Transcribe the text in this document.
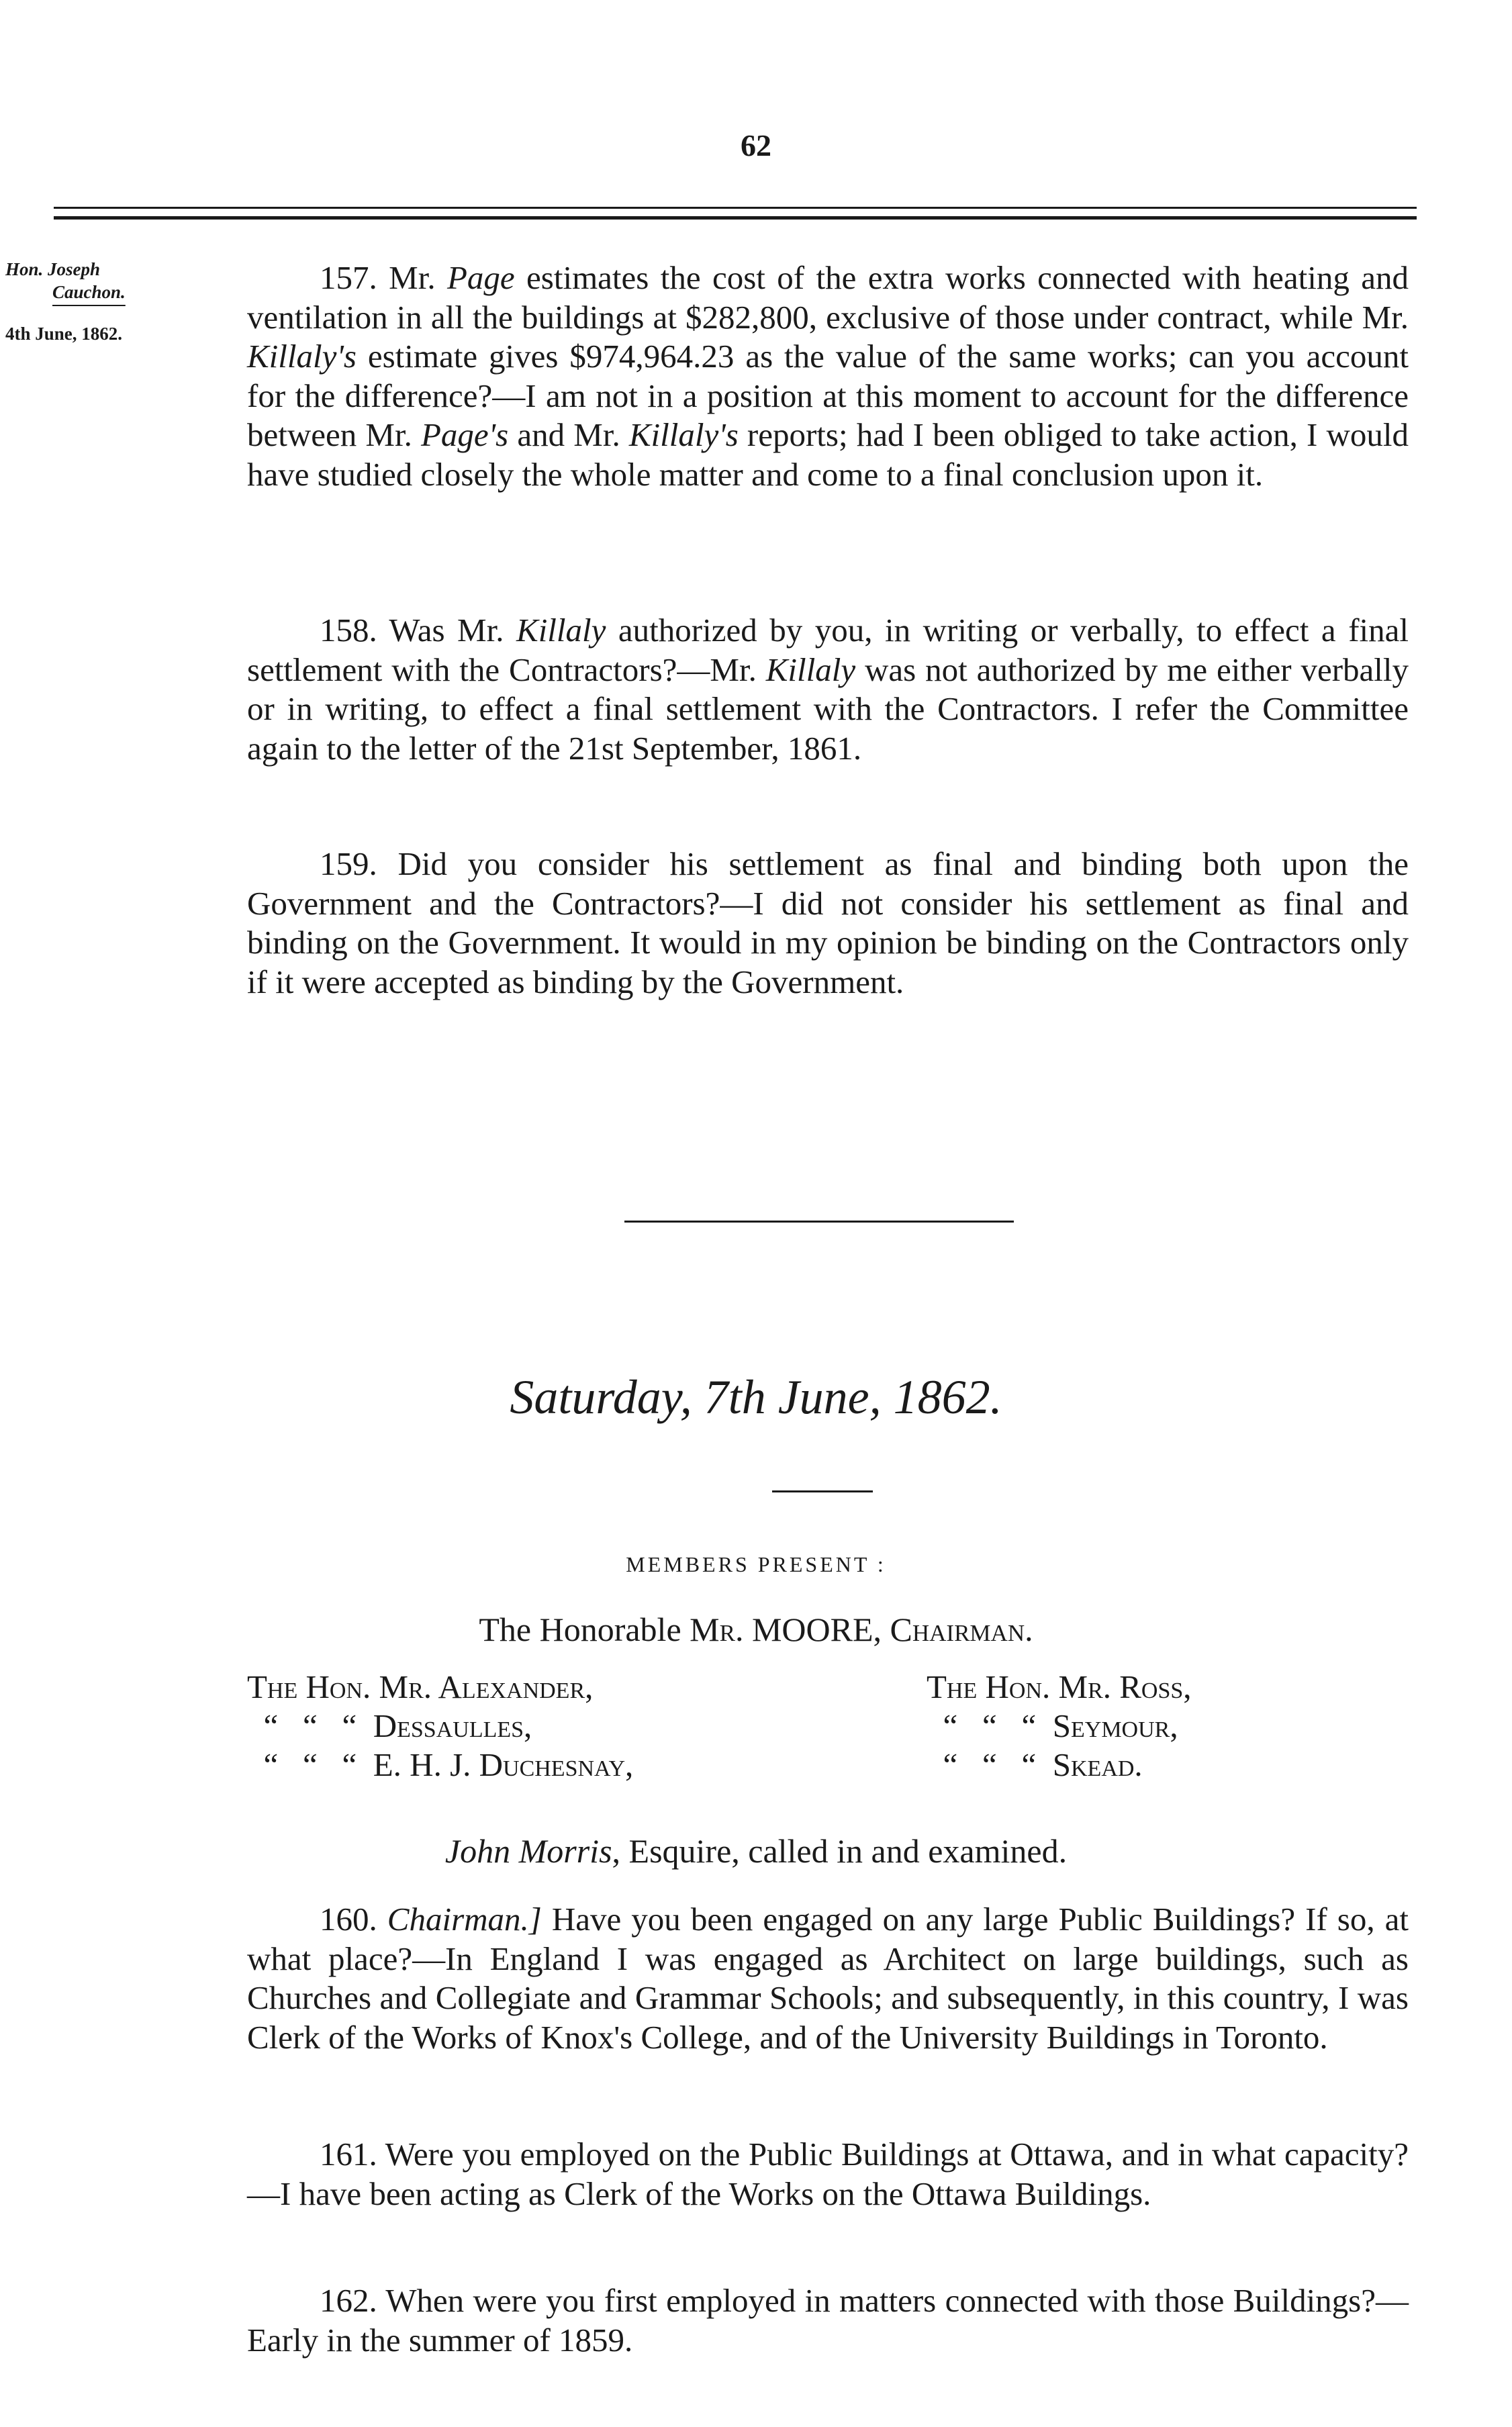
62
Hon. Joseph
Cauchon.
4th June, 1862.
157. Mr. Page estimates the cost of the extra works connected with heating and ventilation in all the buildings at $282,800, exclusive of those under contract, while Mr. Killaly's estimate gives $974,964.23 as the value of the same works; can you account for the difference?—I am not in a position at this moment to account for the difference between Mr. Page's and Mr. Killaly's reports; had I been obliged to take action, I would have studied closely the whole matter and come to a final conclusion upon it.
158. Was Mr. Killaly authorized by you, in writing or verbally, to effect a final settlement with the Contractors?—Mr. Killaly was not authorized by me either verbally or in writing, to effect a final settlement with the Contractors. I refer the Committee again to the letter of the 21st September, 1861.
159. Did you consider his settlement as final and binding both upon the Government and the Contractors?—I did not consider his settlement as final and binding on the Government. It would in my opinion be binding on the Contractors only if it were accepted as binding by the Government.
Saturday, 7th June, 1862.
MEMBERS PRESENT :
The Honorable Mr. MOORE, Chairman.
The Hon. Mr. Alexander,
“   “   “  Dessaulles,
“   “   “  E. H. J. Duchesnay,
The Hon. Mr. Ross,
“   “   “  Seymour,
“   “   “  Skead.
John Morris, Esquire, called in and examined.
160. Chairman.] Have you been engaged on any large Public Buildings? If so, at what place?—In England I was engaged as Architect on large buildings, such as Churches and Collegiate and Grammar Schools; and subsequently, in this country, I was Clerk of the Works of Knox's College, and of the University Buildings in Toronto.
161. Were you employed on the Public Buildings at Ottawa, and in what capacity?—I have been acting as Clerk of the Works on the Ottawa Buildings.
162. When were you first employed in matters connected with those Buildings?—Early in the summer of 1859.
